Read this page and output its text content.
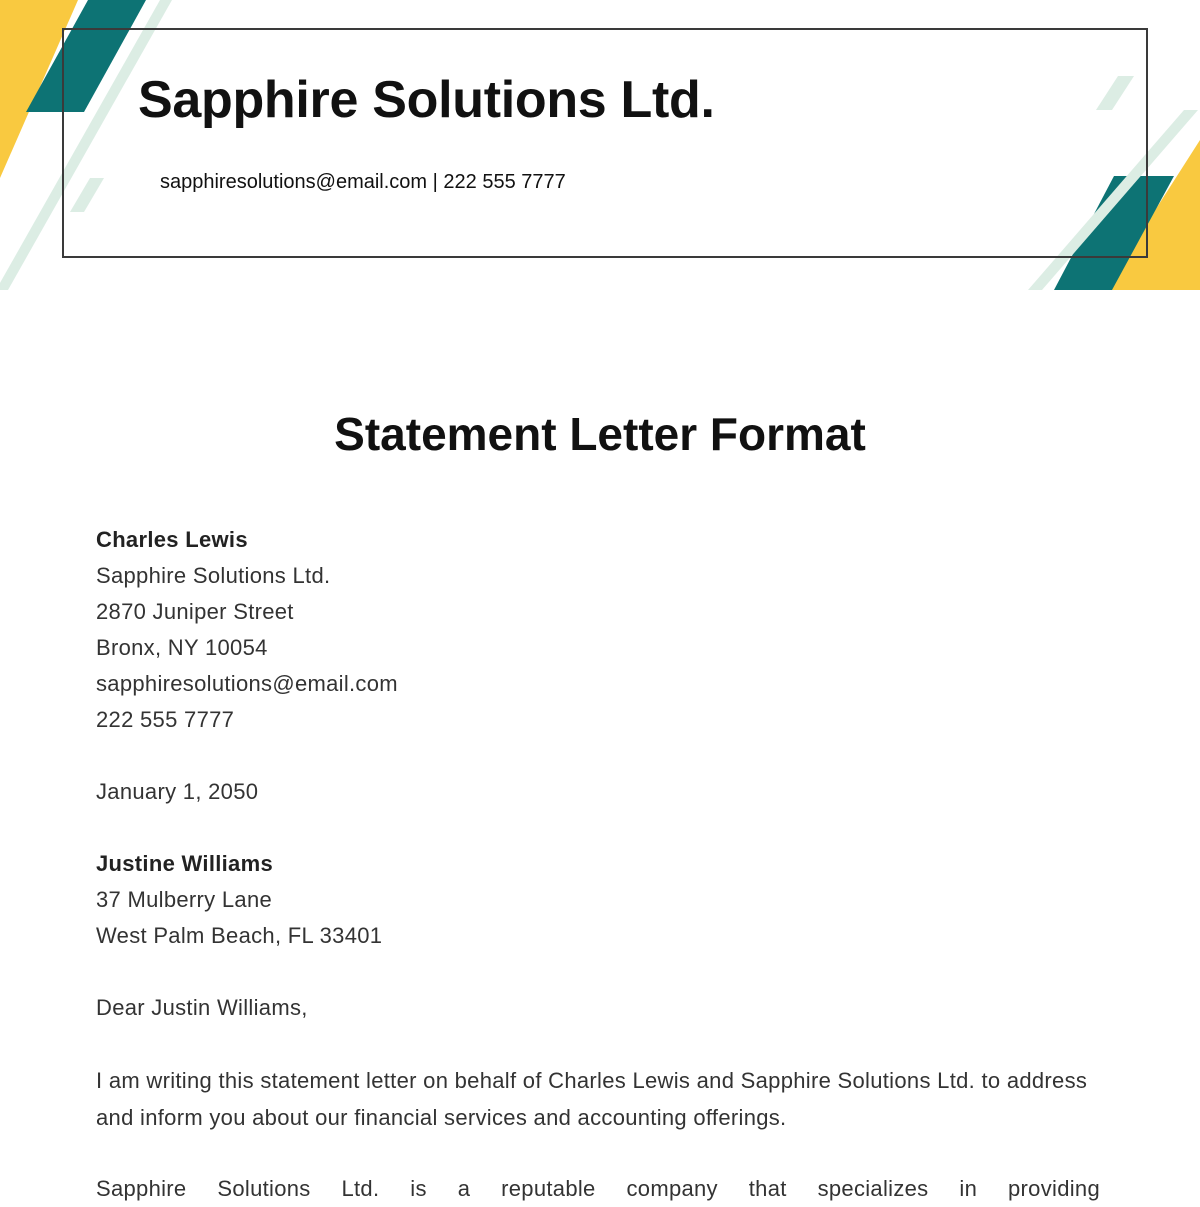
Sapphire Solutions Ltd.
sapphiresolutions@email.com | 222 555 7777
Statement Letter Format
Charles Lewis
Sapphire Solutions Ltd.
2870 Juniper Street
Bronx, NY 10054
sapphiresolutions@email.com
222 555 7777
January 1, 2050
Justine Williams
37 Mulberry Lane
West Palm Beach, FL 33401
Dear Justin Williams,

I am writing this statement letter on behalf of Charles Lewis and Sapphire Solutions Ltd. to address and inform you about our financial services and accounting offerings.

Sapphire Solutions Ltd. is a reputable company that specializes in providing
